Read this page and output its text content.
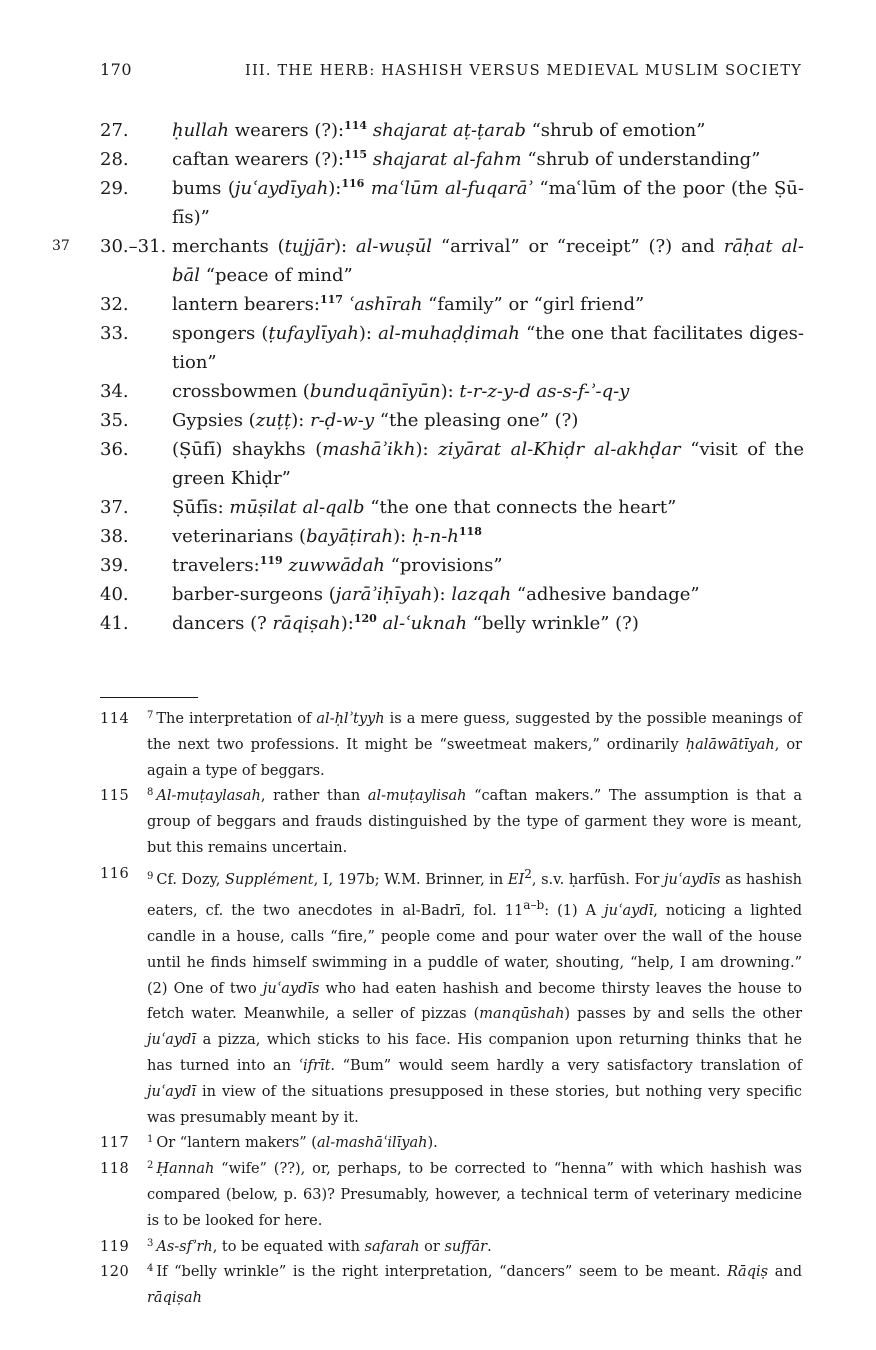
170	III. THE HERB: HASHISH VERSUS MEDIEVAL MUSLIM SOCIETY
27. ḥullah wearers (?):$^{114}$ shajarat aṭ-ṭarab “shrub of emotion”
28. caftan wearers (?):$^{115}$ shajarat al-fahm “shrub of understanding”
29. bums (juʿaydīyah):$^{116}$ maʿlūm al-fuqarāʾ “maʿlūm of the poor (the Ṣūfīs)”
37 30.–31. merchants (tujjār): al-wuṣūl “arrival” or “receipt” (?) and rāḥat al-bāl “peace of mind”
32. lantern bearers:$^{117}$ ʿashīrah “family” or “girl friend”
33. spongers (ṭufaylīyah): al-muhaḍḍimah “the one that facilitates digestion”
34. crossbowmen (bunduqānīyūn): t-r-z-y-d as-s-f-ʾ-q-y
35. Gypsies (zuṭṭ): r-ḍ-w-y “the pleasing one” (?)
36. (Ṣūfī) shaykhs (mashāʾikh): ziyārat al-Khiḍr al-akhḍar “visit of the green Khiḍr”
37. Ṣūfīs: mūṣilat al-qalb “the one that connects the heart”
38. veterinarians (bayāṭirah): ḥ-n-h$^{118}$
39. travelers:$^{119}$ zuwwādah “provisions”
40. barber-surgeons (jarāʾiḥīyah): lazqah “adhesive bandage”
41. dancers (? rāqiṣah):$^{120}$ al-ʿuknah “belly wrinkle” (?)
114 $^7$ The interpretation of al-ḥlʾtyyh is a mere guess, suggested by the possible meanings of the next two professions. It might be “sweetmeat makers,” ordinarily ḥalāwātīyah, or again a type of beggars.
115 $^8$ Al-muṭaylasah, rather than al-muṭaylisah “caftan makers.” The assumption is that a group of beggars and frauds distinguished by the type of garment they wore is meant, but this remains uncertain.
116 $^9$ Cf. Dozy, Supplément, I, 197b; W.M. Brinner, in $EI^2$, s.v. ḥarfūsh. For juʿaydīs as hashish eaters, cf. the two anecdotes in al-Badrī, fol. 11$^{a-b}$: (1) A juʿaydī, noticing a lighted candle in a house, calls “fire,” people come and pour water over the wall of the house until he finds himself swimming in a puddle of water, shouting, “help, I am drowning.” (2) One of two juʿaydīs who had eaten hashish and become thirsty leaves the house to fetch water. Meanwhile, a seller of pizzas (manqūshah) passes by and sells the other juʿaydī a pizza, which sticks to his face. His companion upon returning thinks that he has turned into an ʿifrīt. “Bum” would seem hardly a very satisfactory translation of juʿaydī in view of the situations presupposed in these stories, but nothing very specific was presumably meant by it.
117 $^1$ Or “lantern makers” (al-mashāʿilīyah).
118 $^2$ Ḥannah “wife” (??), or, perhaps, to be corrected to “henna” with which hashish was compared (below, p. 63)? Presumably, however, a technical term of veterinary medicine is to be looked for here.
119 $^3$ As-sfʾrh, to be equated with safarah or suffār.
120 $^4$ If “belly wrinkle” is the right interpretation, “dancers” seem to be meant. Rāqiṣ and rāqiṣah
